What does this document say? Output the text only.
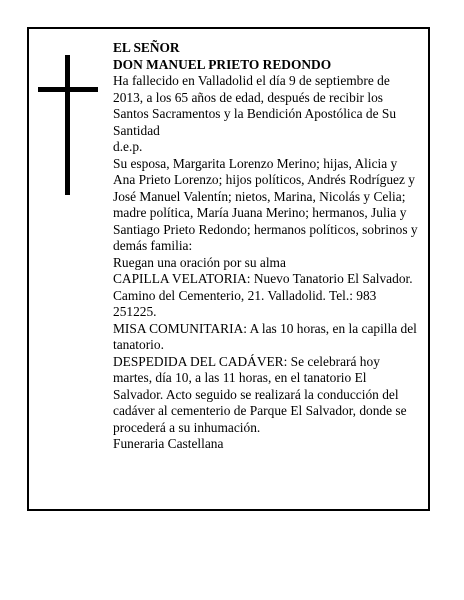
EL SEÑOR

DON MANUEL PRIETO REDONDO

Ha fallecido en Valladolid el día 9 de septiembre de 2013, a los 65 años de edad, después de recibir los Santos Sacramentos y la Bendición Apostólica de Su Santidad

d.e.p.

Su esposa, Margarita Lorenzo Merino; hijas, Alicia y Ana Prieto Lorenzo; hijos políticos, Andrés Rodríguez y José Manuel Valentín; nietos, Marina, Nicolás y Celia; madre política, María Juana Merino; hermanos, Julia y Santiago Prieto Redondo; hermanos políticos, sobrinos y demás familia:

Ruegan una oración por su alma

CAPILLA VELATORIA: Nuevo Tanatorio El Salvador. Camino del Cementerio, 21. Valladolid. Tel.: 983 251225.

MISA COMUNITARIA: A las 10 horas, en la capilla del tanatorio.

DESPEDIDA DEL CADÁVER: Se celebrará hoy martes, día 10, a las 11 horas, en el tanatorio El Salvador. Acto seguido se realizará la conducción del cadáver al cementerio de Parque El Salvador, donde se procederá a su inhumación.

Funeraria Castellana
